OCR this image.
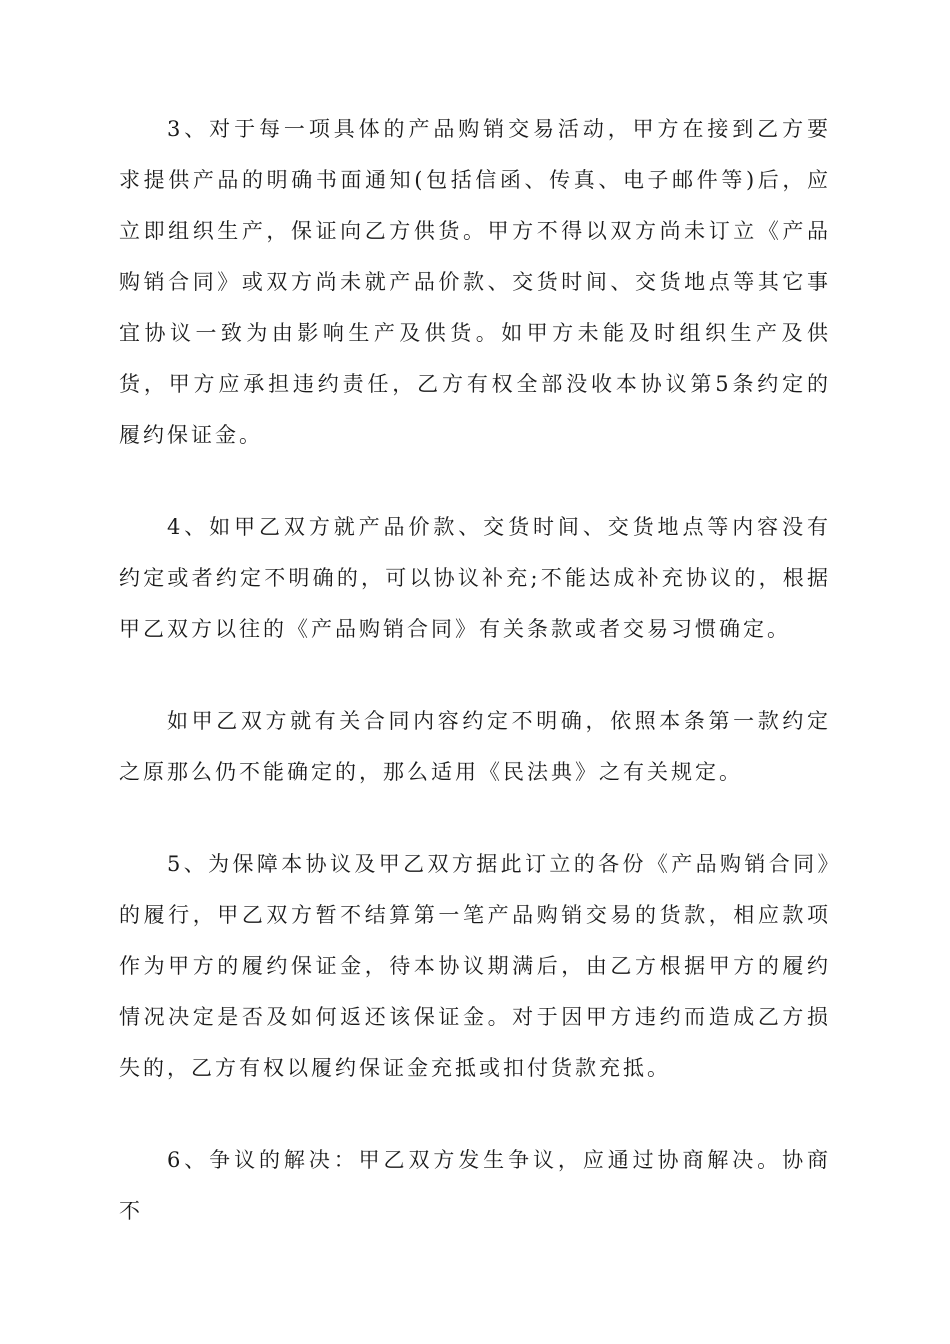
3、对于每一项具体的产品购销交易活动，甲方在接到乙方要求提供产品的明确书面通知(包括信函、传真、电子邮件等)后，应立即组织生产，保证向乙方供货。甲方不得以双方尚未订立《产品购销合同》或双方尚未就产品价款、交货时间、交货地点等其它事宜协议一致为由影响生产及供货。如甲方未能及时组织生产及供货，甲方应承担违约责任，乙方有权全部没收本协议第5条约定的履约保证金。

4、如甲乙双方就产品价款、交货时间、交货地点等内容没有约定或者约定不明确的，可以协议补充;不能达成补充协议的，根据甲乙双方以往的《产品购销合同》有关条款或者交易习惯确定。

如甲乙双方就有关合同内容约定不明确，依照本条第一款约定之原那么仍不能确定的，那么适用《民法典》之有关规定。

5、为保障本协议及甲乙双方据此订立的各份《产品购销合同》的履行，甲乙双方暂不结算第一笔产品购销交易的货款，相应款项作为甲方的履约保证金，待本协议期满后，由乙方根据甲方的履约情况决定是否及如何返还该保证金。对于因甲方违约而造成乙方损失的，乙方有权以履约保证金充抵或扣付货款充抵。

6、争议的解决：甲乙双方发生争议，应通过协商解决。协商不
